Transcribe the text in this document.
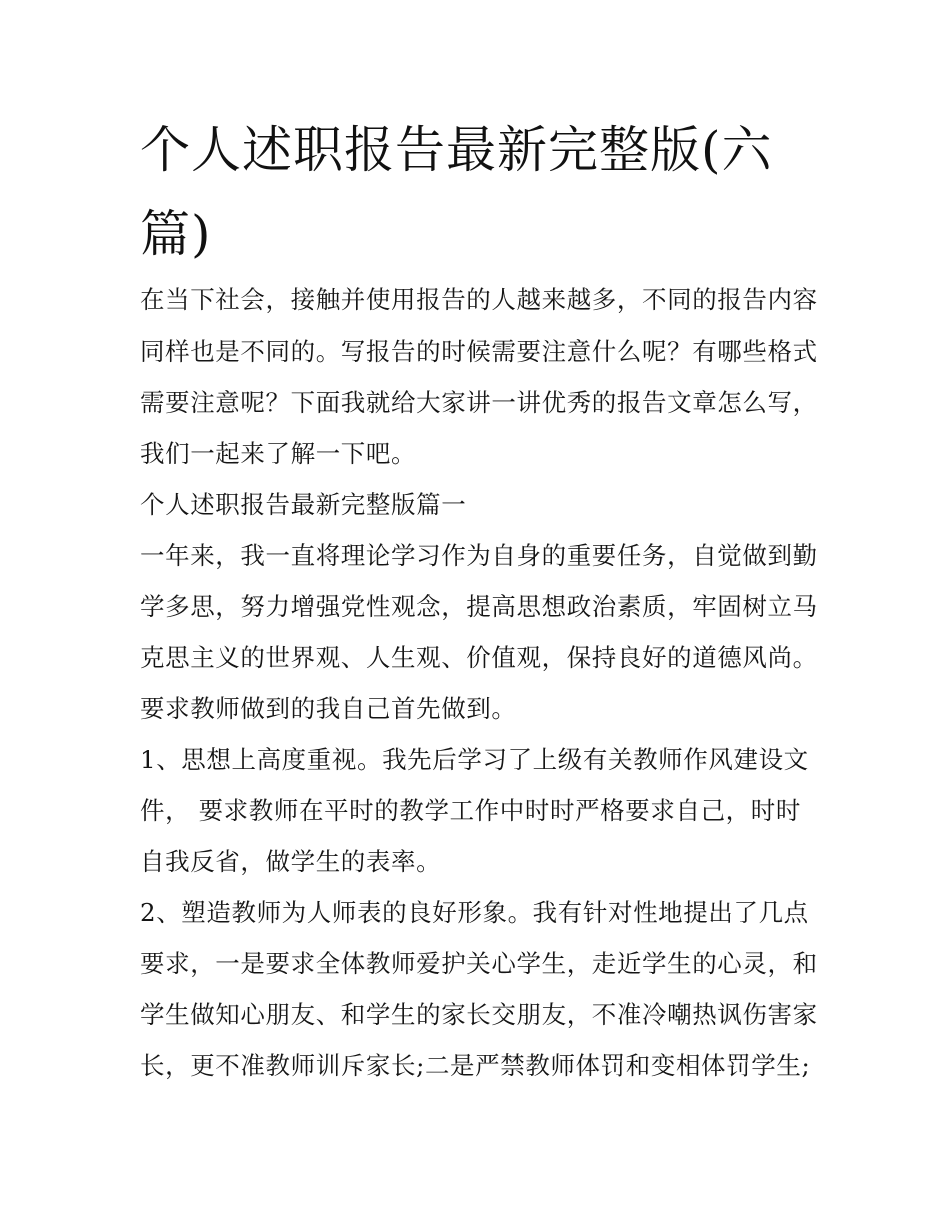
个人述职报告最新完整版(六篇)

在当下社会，接触并使用报告的人越来越多，不同的报告内容

同样也是不同的。写报告的时候需要注意什么呢？有哪些格式

需要注意呢？下面我就给大家讲一讲优秀的报告文章怎么写，

我们一起来了解一下吧。

个人述职报告最新完整版篇一

一年来，我一直将理论学习作为自身的重要任务，自觉做到勤

学多思，努力增强党性观念，提高思想政治素质，牢固树立马

克思主义的世界观、人生观、价值观，保持良好的道德风尚。

要求教师做到的我自己首先做到。

1、思想上高度重视。我先后学习了上级有关教师作风建设文

件， 要求教师在平时的教学工作中时时严格要求自己，时时

自我反省，做学生的表率。

2、塑造教师为人师表的良好形象。我有针对性地提出了几点

要求，一是要求全体教师爱护关心学生，走近学生的心灵，和

学生做知心朋友、和学生的家长交朋友，不准冷嘲热讽伤害家

长，更不准教师训斥家长;二是严禁教师体罚和变相体罚学生;
